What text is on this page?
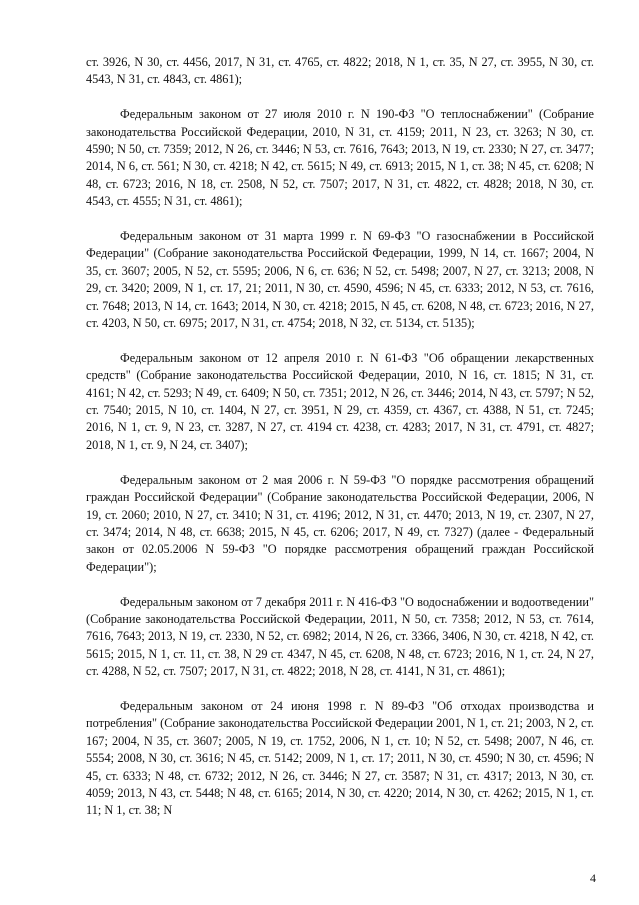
ст. 3926, N 30, ст. 4456, 2017, N 31, ст. 4765, ст. 4822; 2018, N 1, ст. 35, N 27, ст. 3955, N 30, ст. 4543, N 31, ст. 4843, ст. 4861);

Федеральным законом от 27 июля 2010 г. N 190-ФЗ "О теплоснабжении" (Собрание законодательства Российской Федерации, 2010, N 31, ст. 4159; 2011, N 23, ст. 3263; N 30, ст. 4590; N 50, ст. 7359; 2012, N 26, ст. 3446; N 53, ст. 7616, 7643; 2013, N 19, ст. 2330; N 27, ст. 3477; 2014, N 6, ст. 561; N 30, ст. 4218; N 42, ст. 5615; N 49, ст. 6913; 2015, N 1, ст. 38; N 45, ст. 6208; N 48, ст. 6723; 2016, N 18, ст. 2508, N 52, ст. 7507; 2017, N 31, ст. 4822, ст. 4828; 2018, N 30, ст. 4543, ст. 4555; N 31, ст. 4861);

Федеральным законом от 31 марта 1999 г. N 69-ФЗ "О газоснабжении в Российской Федерации" (Собрание законодательства Российской Федерации, 1999, N 14, ст. 1667; 2004, N 35, ст. 3607; 2005, N 52, ст. 5595; 2006, N 6, ст. 636; N 52, ст. 5498; 2007, N 27, ст. 3213; 2008, N 29, ст. 3420; 2009, N 1, ст. 17, 21; 2011, N 30, ст. 4590, 4596; N 45, ст. 6333; 2012, N 53, ст. 7616, ст. 7648; 2013, N 14, ст. 1643; 2014, N 30, ст. 4218; 2015, N 45, ст. 6208, N 48, ст. 6723; 2016, N 27, ст. 4203, N 50, ст. 6975; 2017, N 31, ст. 4754; 2018, N 32, ст. 5134, ст. 5135);

Федеральным законом от 12 апреля 2010 г. N 61-ФЗ "Об обращении лекарственных средств" (Собрание законодательства Российской Федерации, 2010, N 16, ст. 1815; N 31, ст. 4161; N 42, ст. 5293; N 49, ст. 6409; N 50, ст. 7351; 2012, N 26, ст. 3446; 2014, N 43, ст. 5797; N 52, ст. 7540; 2015, N 10, ст. 1404, N 27, ст. 3951, N 29, ст. 4359, ст. 4367, ст. 4388, N 51, ст. 7245; 2016, N 1, ст. 9, N 23, ст. 3287, N 27, ст. 4194 ст. 4238, ст. 4283; 2017, N 31, ст. 4791, ст. 4827; 2018, N 1, ст. 9, N 24, ст. 3407);

Федеральным законом от 2 мая 2006 г. N 59-ФЗ "О порядке рассмотрения обращений граждан Российской Федерации" (Собрание законодательства Российской Федерации, 2006, N 19, ст. 2060; 2010, N 27, ст. 3410; N 31, ст. 4196; 2012, N 31, ст. 4470; 2013, N 19, ст. 2307, N 27, ст. 3474; 2014, N 48, ст. 6638; 2015, N 45, ст. 6206; 2017, N 49, ст. 7327) (далее - Федеральный закон от 02.05.2006 N 59-ФЗ "О порядке рассмотрения обращений граждан Российской Федерации");

Федеральным законом от 7 декабря 2011 г. N 416-ФЗ "О водоснабжении и водоотведении" (Собрание законодательства Российской Федерации, 2011, N 50, ст. 7358; 2012, N 53, ст. 7614, 7616, 7643; 2013, N 19, ст. 2330, N 52, ст. 6982; 2014, N 26, ст. 3366, 3406, N 30, ст. 4218, N 42, ст. 5615; 2015, N 1, ст. 11, ст. 38, N 29 ст. 4347, N 45, ст. 6208, N 48, ст. 6723; 2016, N 1, ст. 24, N 27, ст. 4288, N 52, ст. 7507; 2017, N 31, ст. 4822; 2018, N 28, ст. 4141, N 31, ст. 4861);

Федеральным законом от 24 июня 1998 г. N 89-ФЗ "Об отходах производства и потребления" (Собрание законодательства Российской Федерации 2001, N 1, ст. 21; 2003, N 2, ст. 167; 2004, N 35, ст. 3607; 2005, N 19, ст. 1752, 2006, N 1, ст. 10; N 52, ст. 5498; 2007, N 46, ст. 5554; 2008, N 30, ст. 3616; N 45, ст. 5142; 2009, N 1, ст. 17; 2011, N 30, ст. 4590; N 30, ст. 4596; N 45, ст. 6333; N 48, ст. 6732; 2012, N 26, ст. 3446; N 27, ст. 3587; N 31, ст. 4317; 2013, N 30, ст. 4059; 2013, N 43, ст. 5448; N 48, ст. 6165; 2014, N 30, ст. 4220; 2014, N 30, ст. 4262; 2015, N 1, ст. 11; N 1, ст. 38; N

4
